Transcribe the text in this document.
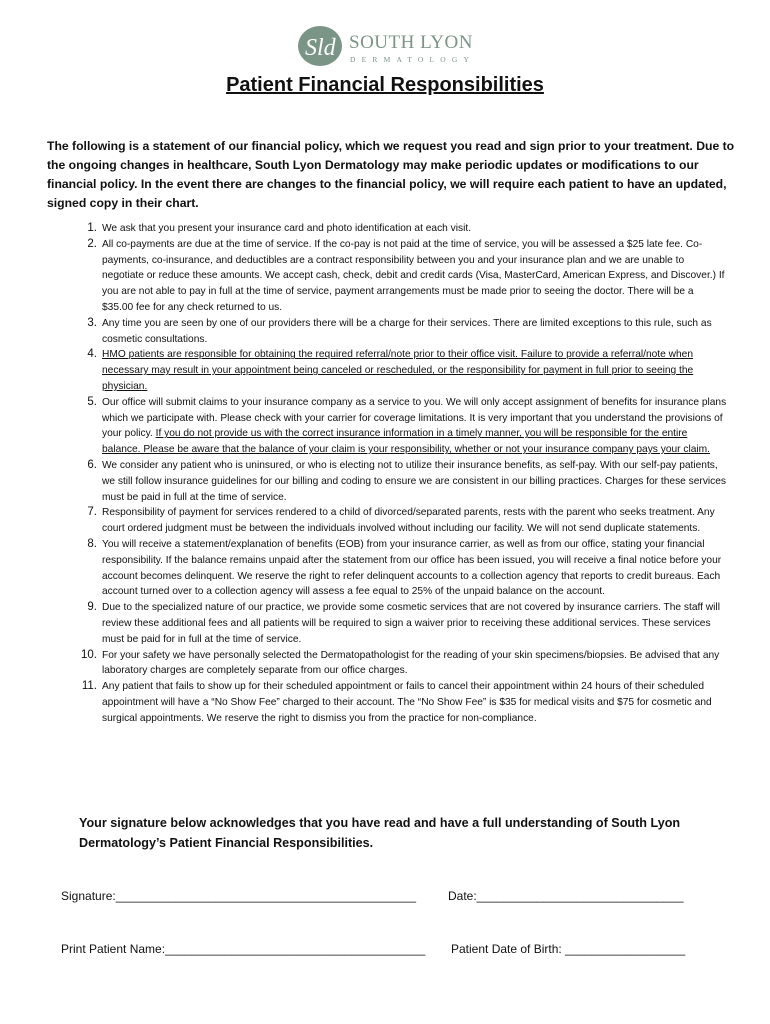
Sld SOUTH LYON
DERMATOLOGY
Patient Financial Responsibilities

The following is a statement of our financial policy, which we request you read and sign prior to your treatment. Due to the ongoing changes in healthcare, South Lyon Dermatology may make periodic updates or modifications to our financial policy. In the event there are changes to the financial policy, we will require each patient to have an updated, signed copy in their chart.

1. We ask that you present your insurance card and photo identification at each visit.
2. All co-payments are due at the time of service. If the co-pay is not paid at the time of service, you will be assessed a $25 late fee. Co-payments, co-insurance, and deductibles are a contract responsibility between you and your insurance plan and we are unable to negotiate or reduce these amounts. We accept cash, check, debit and credit cards (Visa, MasterCard, American Express, and Discover.) If you are not able to pay in full at the time of service, payment arrangements must be made prior to seeing the doctor. There will be a $35.00 fee for any check returned to us.
3. Any time you are seen by one of our providers there will be a charge for their services. There are limited exceptions to this rule, such as cosmetic consultations.
4. HMO patients are responsible for obtaining the required referral/note prior to their office visit. Failure to provide a referral/note when necessary may result in your appointment being canceled or rescheduled, or the responsibility for payment in full prior to seeing the physician.
5. Our office will submit claims to your insurance company as a service to you. We will only accept assignment of benefits for insurance plans which we participate with. Please check with your carrier for coverage limitations. It is very important that you understand the provisions of your policy. If you do not provide us with the correct insurance information in a timely manner, you will be responsible for the entire balance. Please be aware that the balance of your claim is your responsibility, whether or not your insurance company pays your claim.
6. We consider any patient who is uninsured, or who is electing not to utilize their insurance benefits, as self-pay. With our self-pay patients, we still follow insurance guidelines for our billing and coding to ensure we are consistent in our billing practices. Charges for these services must be paid in full at the time of service.
7. Responsibility of payment for services rendered to a child of divorced/separated parents, rests with the parent who seeks treatment. Any court ordered judgment must be between the individuals involved without including our facility. We will not send duplicate statements.
8. You will receive a statement/explanation of benefits (EOB) from your insurance carrier, as well as from our office, stating your financial responsibility. If the balance remains unpaid after the statement from our office has been issued, you will receive a final notice before your account becomes delinquent. We reserve the right to refer delinquent accounts to a collection agency that reports to credit bureaus. Each account turned over to a collection agency will assess a fee equal to 25% of the unpaid balance on the account.
9. Due to the specialized nature of our practice, we provide some cosmetic services that are not covered by insurance carriers. The staff will review these additional fees and all patients will be required to sign a waiver prior to receiving these additional services. These services must be paid for in full at the time of service.
10. For your safety we have personally selected the Dermatopathologist for the reading of your skin specimens/biopsies. Be advised that any laboratory charges are completely separate from our office charges.
11. Any patient that fails to show up for their scheduled appointment or fails to cancel their appointment within 24 hours of their scheduled appointment will have a “No Show Fee” charged to their account. The “No Show Fee” is $35 for medical visits and $75 for cosmetic and surgical appointments. We reserve the right to dismiss you from the practice for non-compliance.

Your signature below acknowledges that you have read and have a full understanding of South Lyon Dermatology’s Patient Financial Responsibilities.

Signature:_____________________________________________	Date:_______________________________
Print Patient Name:_______________________________________ Patient Date of Birth: __________________
